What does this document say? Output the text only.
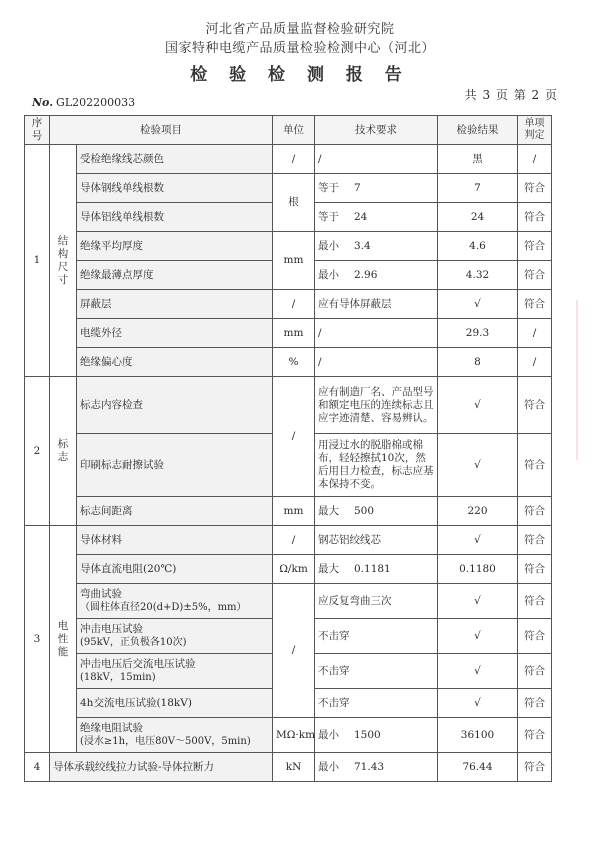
河北省产品质量监督检验研究院
国家特种电缆产品质量检验检测中心（河北）
检 验 检 测 报 告
No. GL202200033
共 3 页 第 2 页
序号	检验项目		单位	技术要求	检验结果	单项判定
1	结构尺寸	受检绝缘线芯颜色	/	/	黑	/
		导体钢线单线根数	根	等于 7	7	符合
		导体铝线单线根数		等于 24	24	符合
		绝缘平均厚度	mm	最小 3.4	4.6	符合
		绝缘最薄点厚度		最小 2.96	4.32	符合
		屏蔽层	/	应有导体屏蔽层	√	符合
		电缆外径	mm	/	29.3	/
		绝缘偏心度	%	/	8	/
2	标志	标志内容检查	/	应有制造厂名、产品型号和额定电压的连续标志且应字迹清楚、容易辨认。	√	符合
		印刷标志耐擦试验		用浸过水的脱脂棉或棉布，轻轻擦拭10次，然后用目力检查，标志应基本保持不变。	√	符合
		标志间距离	mm	最大 500	220	符合
3	电性能	导体材料	/	钢芯铝绞线芯	√	符合
		导体直流电阻(20℃)	Ω/km	最大 0.1181	0.1180	符合
		弯曲试验
（圆柱体直径20(d+D)±5%，mm）	/	应反复弯曲三次	√	符合
		冲击电压试验
(95kV，正负极各10次)		不击穿	√	符合
		冲击电压后交流电压试验
(18kV，15min)		不击穿	√	符合
		4h交流电压试验(18kV)		不击穿	√	符合
		绝缘电阻试验
(浸水≥1h，电压80V～500V，5min)	MΩ·km	最小 1500	36100	符合
4	导体承载绞线拉力试验-导体拉断力		kN	最小 71.43	76.44	符合
